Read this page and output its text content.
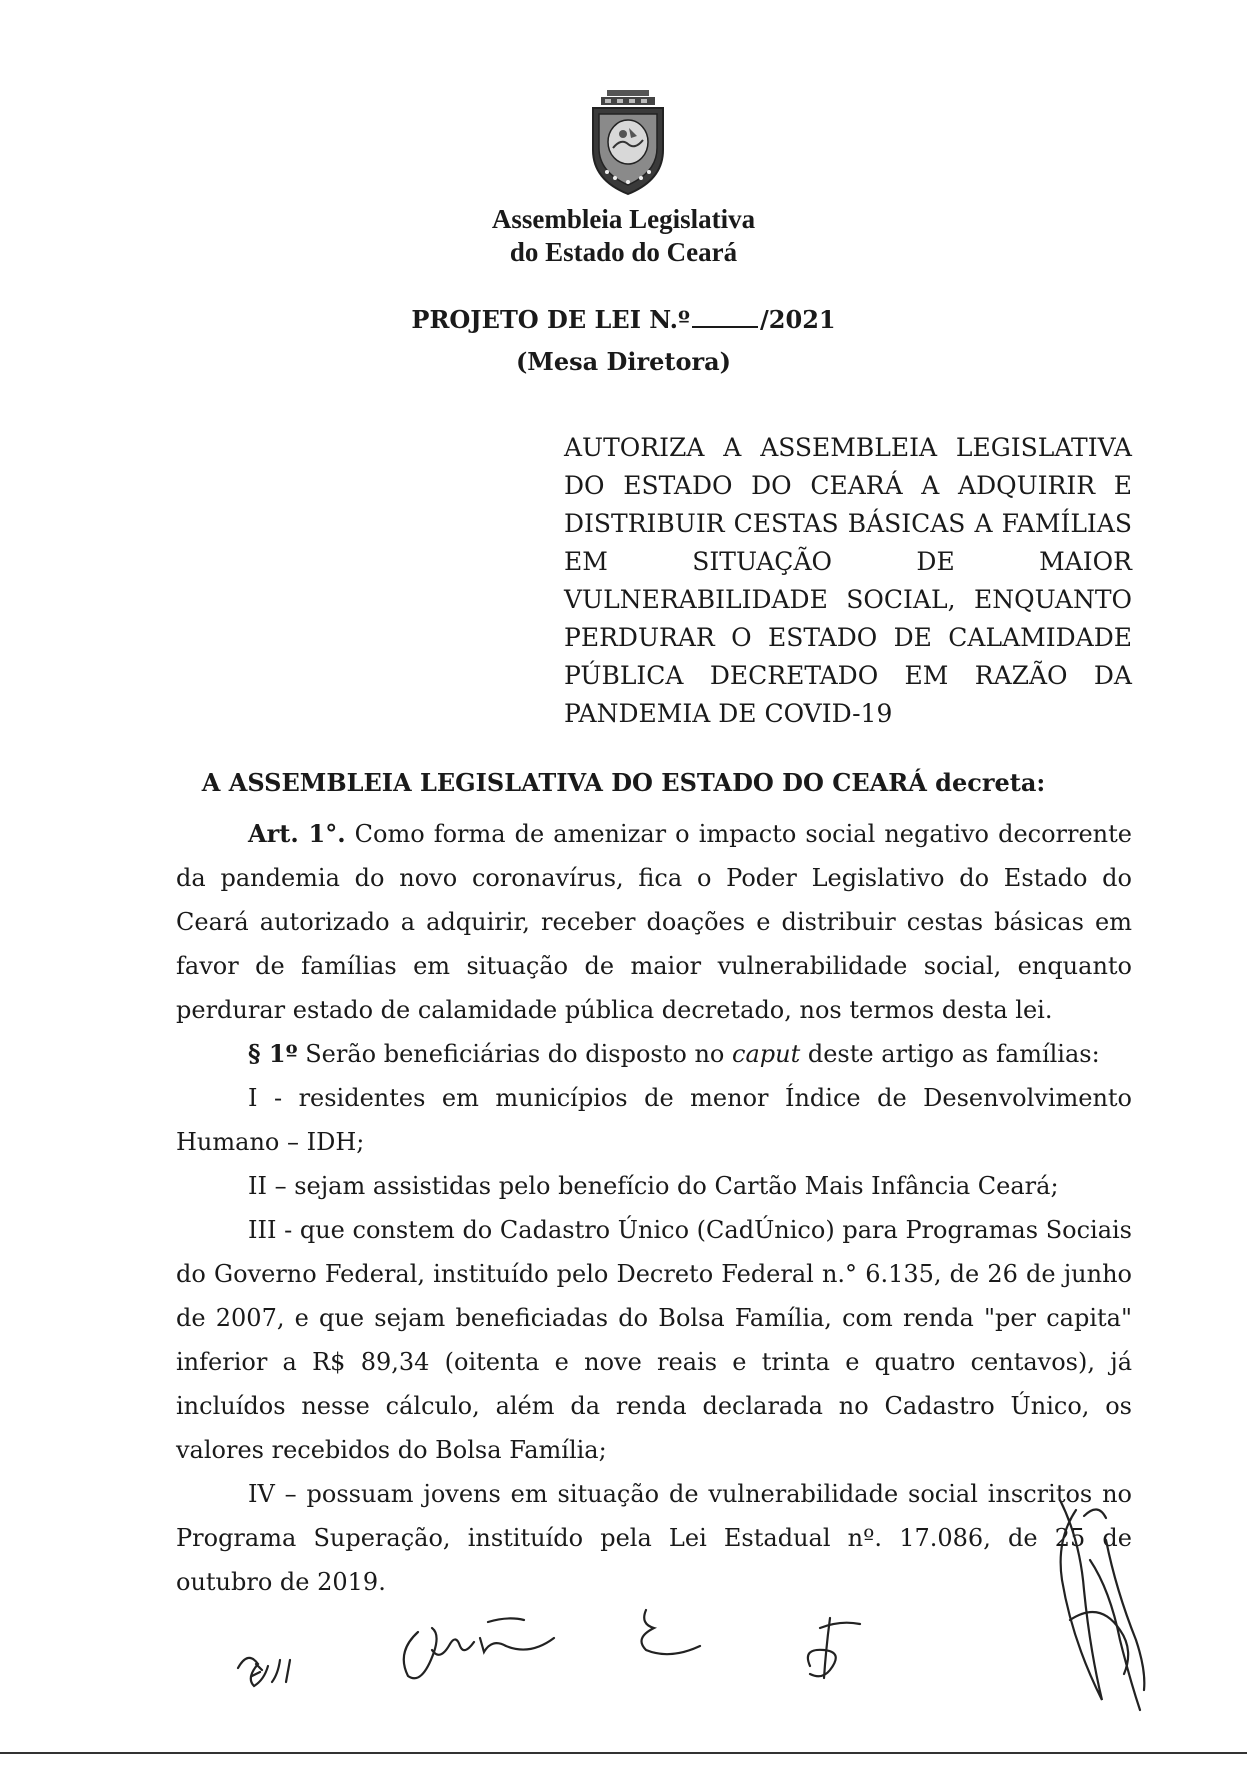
Assembleia Legislativa
do Estado do Ceará
PROJETO DE LEI N.º	/2021
(Mesa Diretora)
AUTORIZA A ASSEMBLEIA LEGISLATIVA
DO ESTADO DO CEARÁ A ADQUIRIR E
DISTRIBUIR CESTAS BÁSICAS A FAMÍLIAS
EM SITUAÇÃO DE MAIOR
VULNERABILIDADE SOCIAL, ENQUANTO
PERDURAR O ESTADO DE CALAMIDADE
PÚBLICA DECRETADO EM RAZÃO DA
PANDEMIA DE COVID-19
A ASSEMBLEIA LEGISLATIVA DO ESTADO DO CEARÁ decreta:

Art. 1°. Como forma de amenizar o impacto social negativo decorrente da pandemia do novo coronavírus, fica o Poder Legislativo do Estado do Ceará autorizado a adquirir, receber doações e distribuir cestas básicas em favor de famílias em situação de maior vulnerabilidade social, enquanto perdurar estado de calamidade pública decretado, nos termos desta lei.

§ 1º Serão beneficiárias do disposto no caput deste artigo as famílias:

I - residentes em municípios de menor Índice de Desenvolvimento Humano – IDH;

II – sejam assistidas pelo benefício do Cartão Mais Infância Ceará;

III - que constem do Cadastro Único (CadÚnico) para Programas Sociais do Governo Federal, instituído pelo Decreto Federal n.° 6.135, de 26 de junho de 2007, e que sejam beneficiadas do Bolsa Família, com renda "per capita" inferior a R$ 89,34 (oitenta e nove reais e trinta e quatro centavos), já incluídos nesse cálculo, além da renda declarada no Cadastro Único, os valores recebidos do Bolsa Família;

IV – possuam jovens em situação de vulnerabilidade social inscritos no Programa Superação, instituído pela Lei Estadual nº. 17.086, de 25 de outubro de 2019.
